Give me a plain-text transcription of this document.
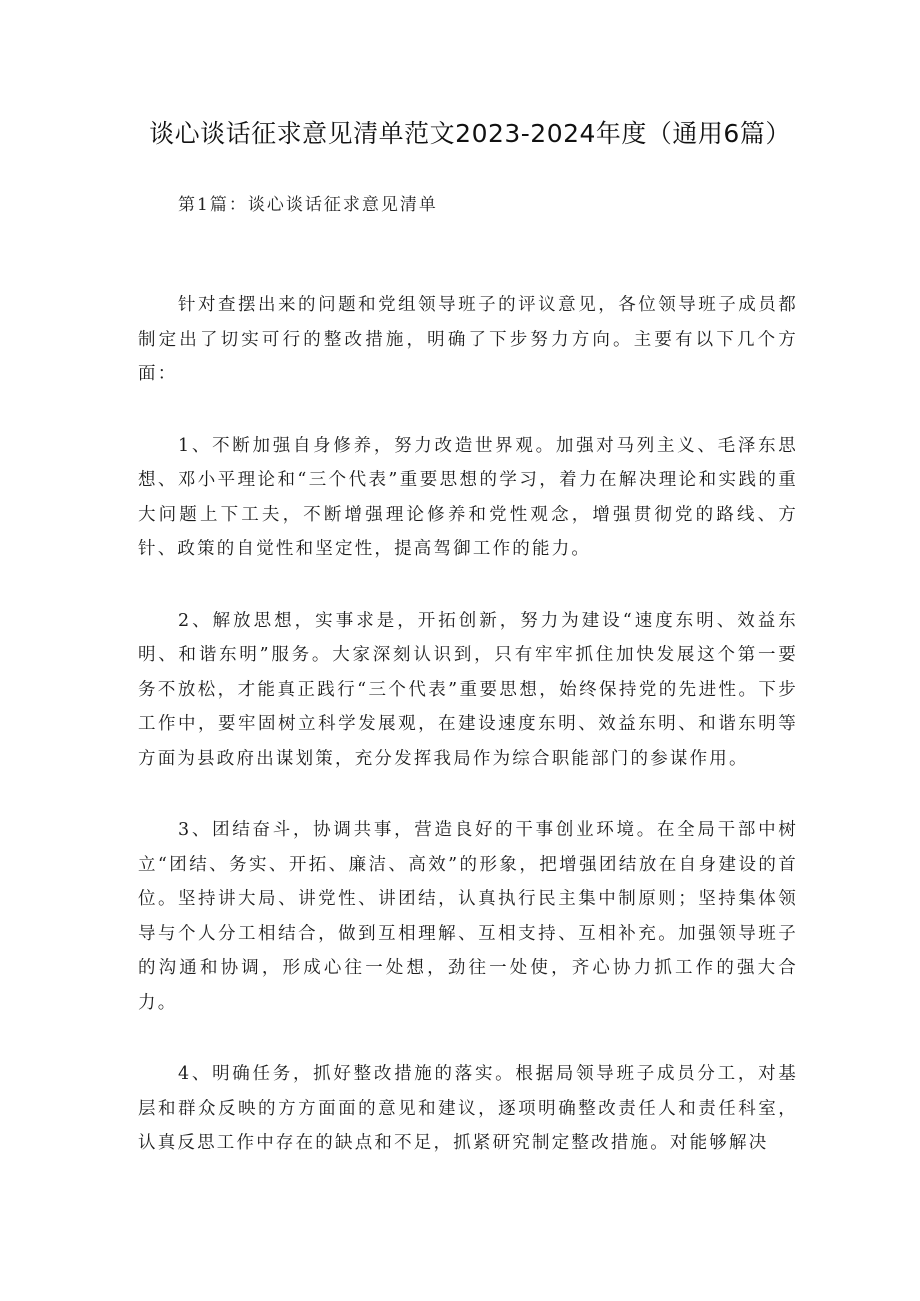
谈心谈话征求意见清单范文2023-2024年度（通用6篇）
第1篇：谈心谈话征求意见清单

针对查摆出来的问题和党组领导班子的评议意见，各位领导班子成员都制定出了切实可行的整改措施，明确了下步努力方向。主要有以下几个方面：

1、不断加强自身修养，努力改造世界观。加强对马列主义、毛泽东思想、邓小平理论和“三个代表”重要思想的学习，着力在解决理论和实践的重大问题上下工夫，不断增强理论修养和党性观念，增强贯彻党的路线、方针、政策的自觉性和坚定性，提高驾御工作的能力。

2、解放思想，实事求是，开拓创新，努力为建设“速度东明、效益东明、和谐东明”服务。大家深刻认识到，只有牢牢抓住加快发展这个第一要务不放松，才能真正践行“三个代表”重要思想，始终保持党的先进性。下步工作中，要牢固树立科学发展观，在建设速度东明、效益东明、和谐东明等方面为县政府出谋划策，充分发挥我局作为综合职能部门的参谋作用。

3、团结奋斗，协调共事，营造良好的干事创业环境。在全局干部中树立“团结、务实、开拓、廉洁、高效”的形象，把增强团结放在自身建设的首位。坚持讲大局、讲党性、讲团结，认真执行民主集中制原则；坚持集体领导与个人分工相结合，做到互相理解、互相支持、互相补充。加强领导班子的沟通和协调，形成心往一处想，劲往一处使，齐心协力抓工作的强大合力。

4、明确任务，抓好整改措施的落实。根据局领导班子成员分工，对基层和群众反映的方方面面的意见和建议，逐项明确整改责任人和责任科室，认真反思工作中存在的缺点和不足，抓紧研究制定整改措施。对能够解决
